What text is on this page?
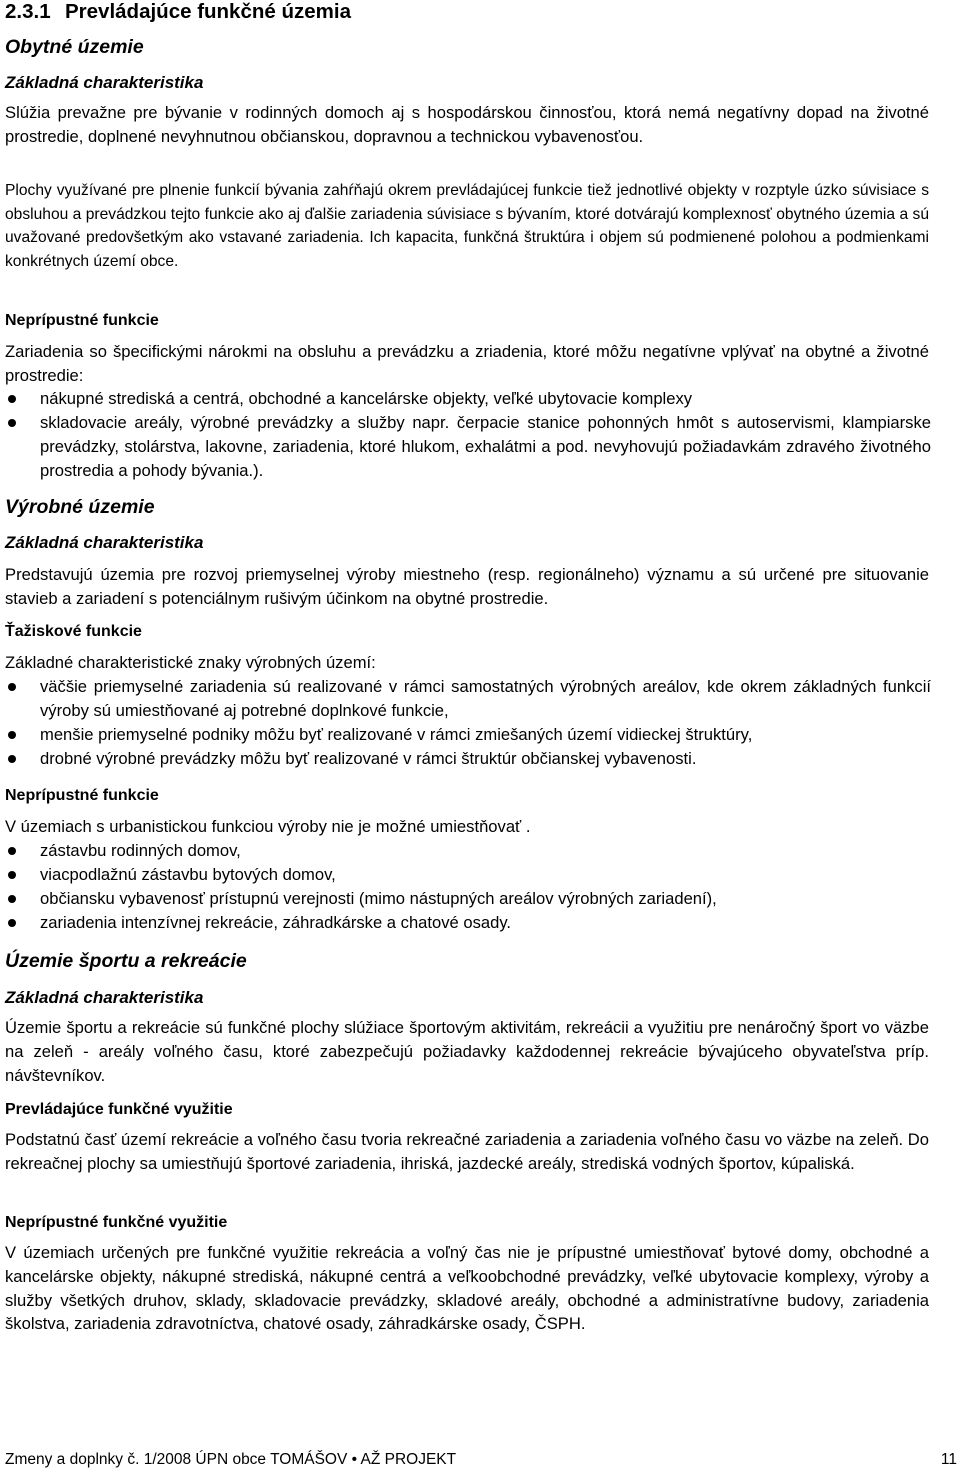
2.3.1 Prevládajúce funkčné územia
Obytné územie
Základná charakteristika
Slúžia prevažne pre bývanie v rodinných domoch aj s hospodárskou činnosťou, ktorá nemá negatívny dopad na životné prostredie, doplnené nevyhnutnou občianskou, dopravnou a technickou vybavenosťou.
Plochy využívané pre plnenie funkcií bývania zahŕňajú okrem prevládajúcej funkcie tiež jednotlivé objekty v rozptyle úzko súvisiace s obsluhou a prevádzkou tejto funkcie ako aj ďalšie zariadenia súvisiace s bývaním, ktoré dotvárajú komplexnosť obytného územia a sú uvažované predovšetkým ako vstavané zariadenia. Ich kapacita, funkčná štruktúra i objem sú podmienené polohou a podmienkami konkrétnych území obce.
Neprípustné funkcie
Zariadenia so špecifickými nárokmi na obsluhu a prevádzku a zriadenia, ktoré môžu negatívne vplývať na obytné a životné prostredie:
nákupné strediská a centrá, obchodné a kancelárske objekty, veľké ubytovacie komplexy
skladovacie areály, výrobné prevádzky a služby napr. čerpacie stanice pohonných hmôt s autoservismi, klampiarske prevádzky, stolárstva, lakovne, zariadenia, ktoré hlukom, exhalátmi a pod. nevyhovujú požiadavkám zdravého životného prostredia a pohody bývania.).
Výrobné územie
Základná charakteristika
Predstavujú územia pre rozvoj priemyselnej výroby miestneho (resp. regionálneho) významu a sú určené pre situovanie stavieb a zariadení s potenciálnym rušivým účinkom na obytné prostredie.
Ťažiskové funkcie
Základné charakteristické znaky výrobných území:
väčšie priemyselné zariadenia sú realizované v rámci samostatných výrobných areálov, kde okrem základných funkcií výroby sú umiestňované aj potrebné doplnkové funkcie,
menšie priemyselné podniky môžu byť realizované v rámci zmiešaných území vidieckej štruktúry,
drobné výrobné prevádzky môžu byť realizované v rámci štruktúr občianskej vybavenosti.
Neprípustné funkcie
V územiach s urbanistickou funkciou výroby nie je možné umiestňovať .
zástavbu rodinných domov,
viacpodlažnú zástavbu bytových domov,
občiansku vybavenosť prístupnú verejnosti (mimo nástupných areálov výrobných zariadení),
zariadenia intenzívnej rekreácie, záhradkárske a chatové osady.
Územie športu a rekreácie
Základná charakteristika
Územie športu a rekreácie sú funkčné plochy slúžiace športovým aktivitám, rekreácii a využitiu pre nenáročný šport vo väzbe na zeleň - areály voľného času, ktoré zabezpečujú požiadavky každodennej rekreácie bývajúceho obyvateľstva príp. návštevníkov.
Prevládajúce funkčné využitie
Podstatnú časť území rekreácie a voľného času tvoria rekreačné zariadenia a zariadenia voľného času vo väzbe na zeleň. Do rekreačnej plochy sa umiestňujú športové zariadenia, ihriská, jazdecké areály, strediská vodných športov, kúpaliská.
Neprípustné funkčné využitie
V územiach určených pre funkčné využitie rekreácia a voľný čas nie je prípustné umiestňovať bytové domy, obchodné a kancelárske objekty, nákupné strediská, nákupné centrá a veľkoobchodné prevádzky, veľké ubytovacie komplexy, výroby a služby všetkých druhov, sklady, skladovacie prevádzky, skladové areály, obchodné a administratívne budovy, zariadenia školstva, zariadenia zdravotníctva, chatové osady, záhradkárske osady, ČSPH.
Zmeny a doplnky č. 1/2008 ÚPN obce TOMÁŠOV • AŽ PROJEKT	11
